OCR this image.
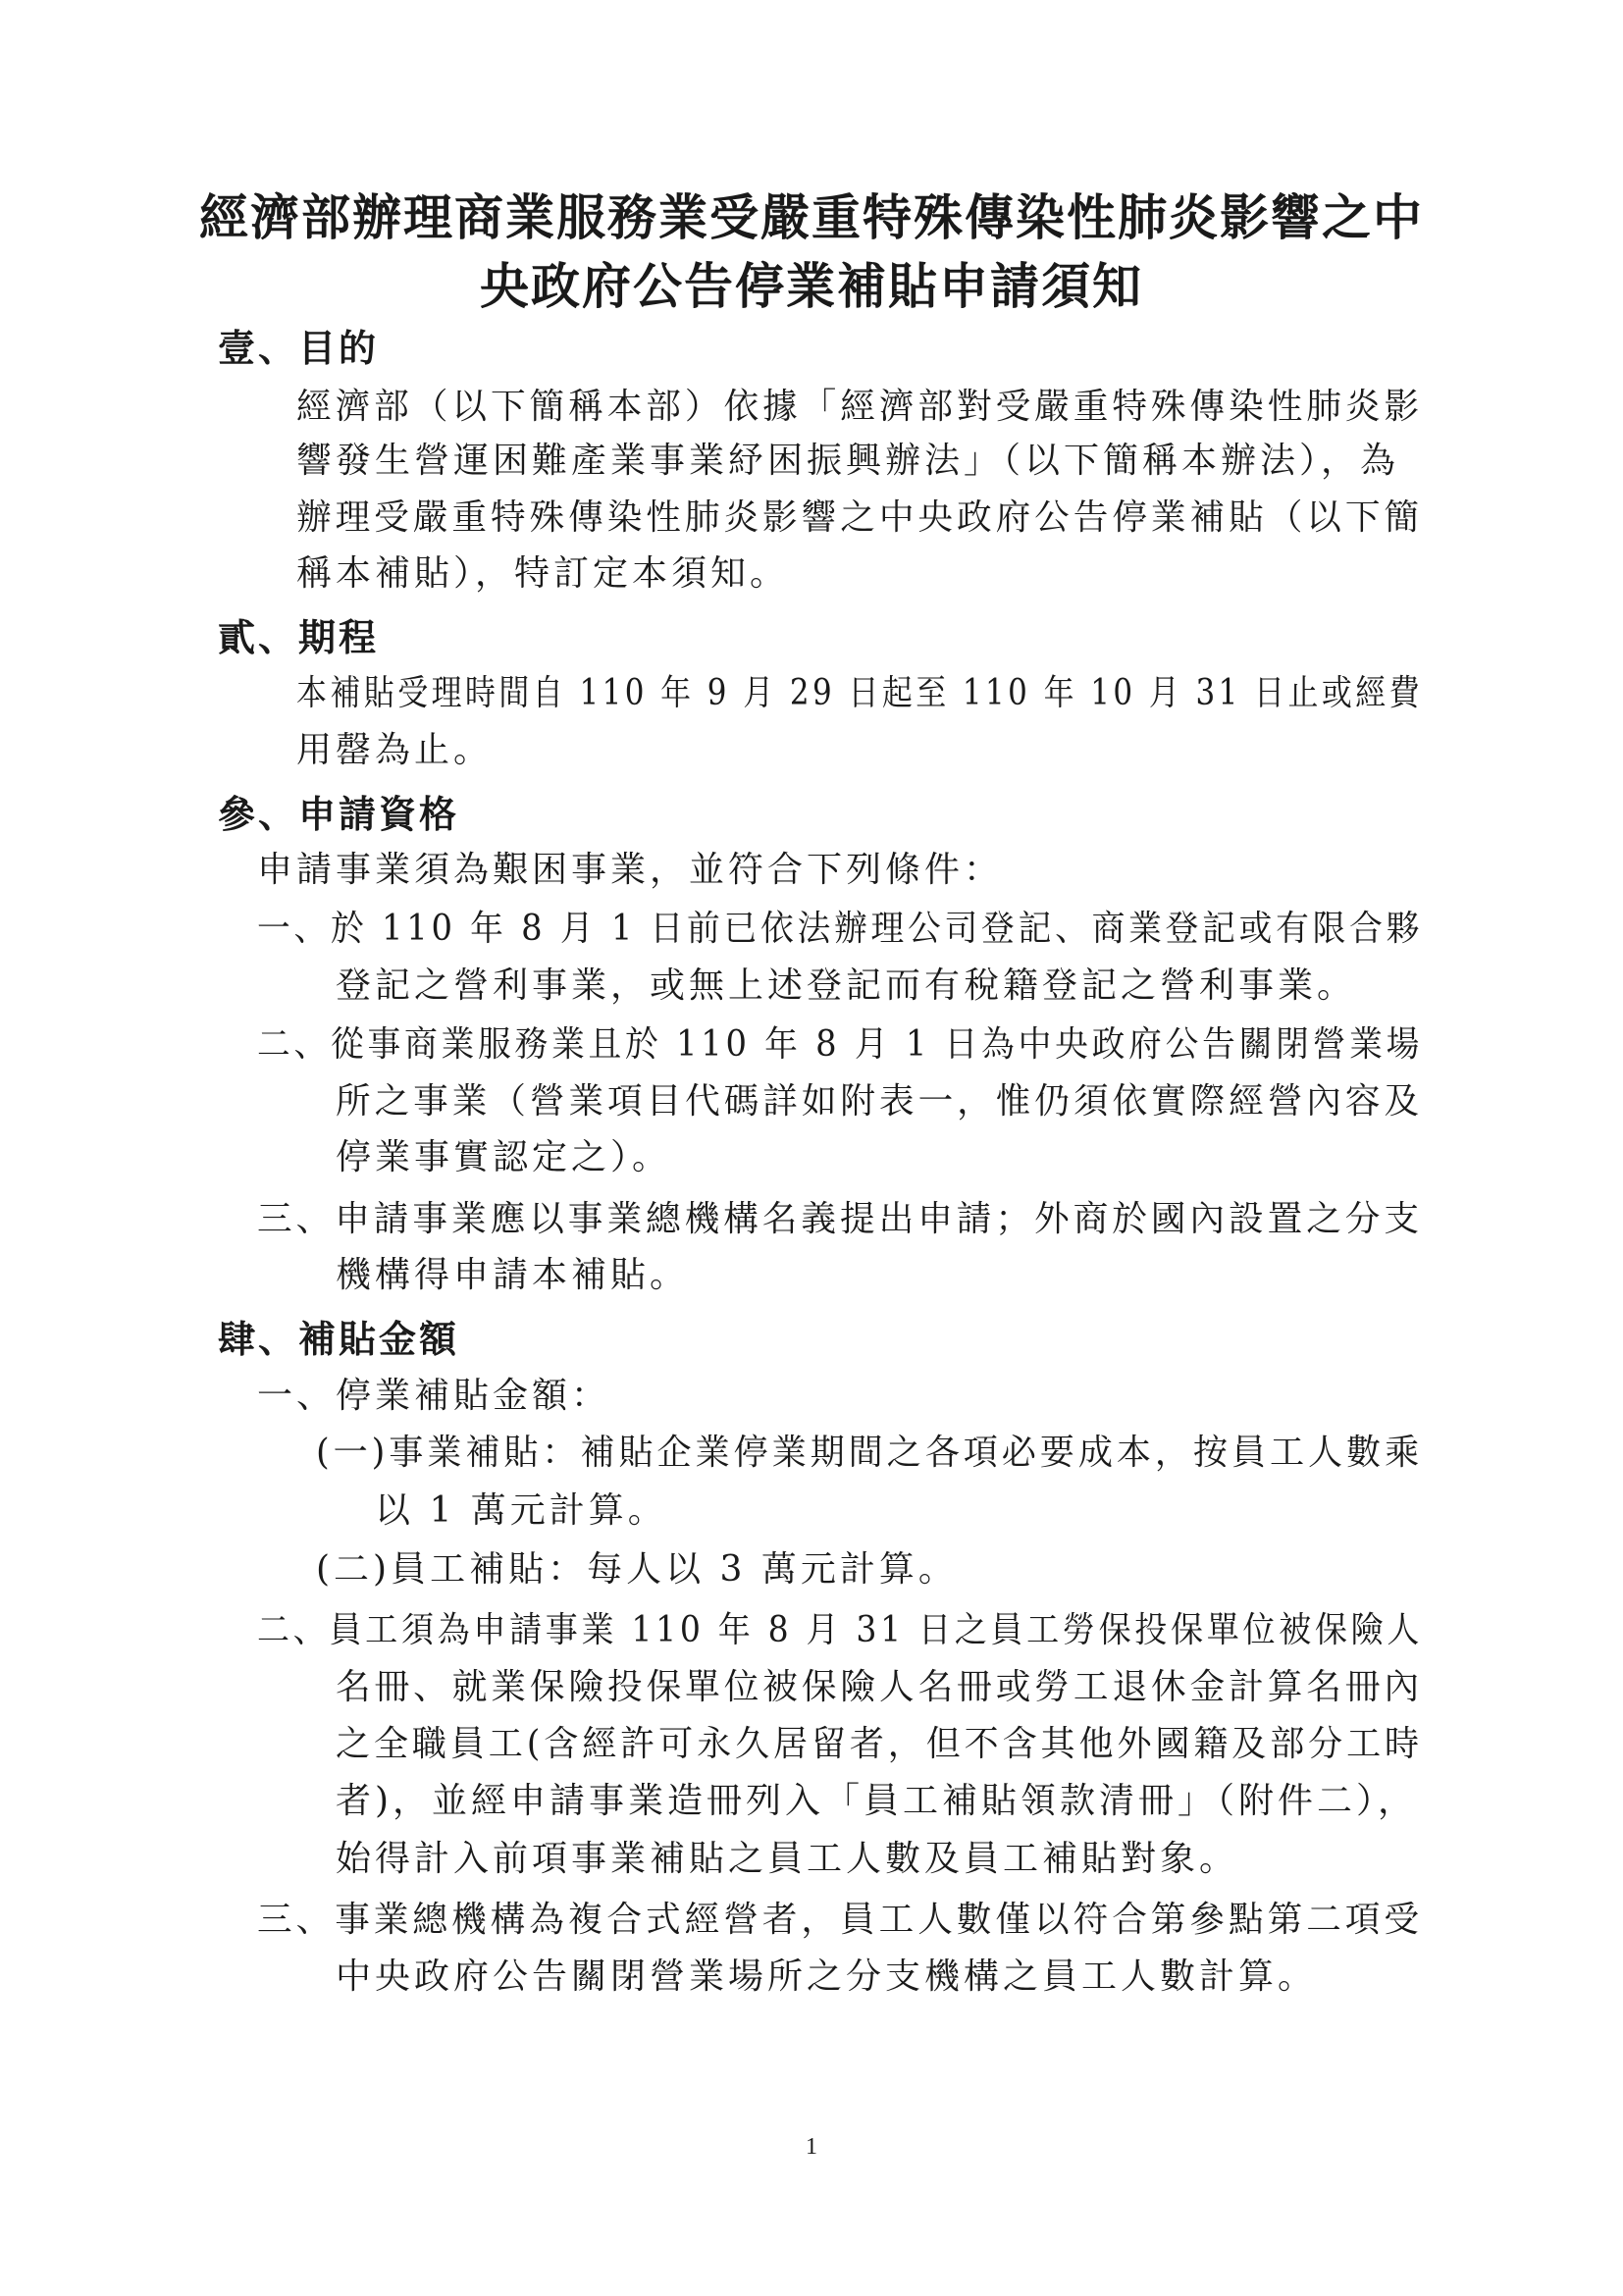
經濟部辦理商業服務業受嚴重特殊傳染性肺炎影響之中
央政府公告停業補貼申請須知
壹、目的
經濟部（以下簡稱本部）依據「經濟部對受嚴重特殊傳染性肺炎影
響發生營運困難產業事業紓困振興辦法」（以下簡稱本辦法），為
辦理受嚴重特殊傳染性肺炎影響之中央政府公告停業補貼（以下簡
稱本補貼），特訂定本須知。
貳、期程
本補貼受理時間自 110 年 9 月 29 日起至 110 年 10 月 31 日止或經費
用罄為止。
參、申請資格
申請事業須為艱困事業，並符合下列條件：
一、於 110 年 8 月 1 日前已依法辦理公司登記、商業登記或有限合夥
登記之營利事業，或無上述登記而有稅籍登記之營利事業。
二、從事商業服務業且於 110 年 8 月 1 日為中央政府公告關閉營業場
所之事業（營業項目代碼詳如附表一，惟仍須依實際經營內容及
停業事實認定之）。
三、申請事業應以事業總機構名義提出申請；外商於國內設置之分支
機構得申請本補貼。
肆、補貼金額
一、停業補貼金額：
(一)事業補貼：補貼企業停業期間之各項必要成本，按員工人數乘
以 1 萬元計算。
(二)員工補貼：每人以 3 萬元計算。
二、員工須為申請事業 110 年 8 月 31 日之員工勞保投保單位被保險人
名冊、就業保險投保單位被保險人名冊或勞工退休金計算名冊內
之全職員工(含經許可永久居留者，但不含其他外國籍及部分工時
者)，並經申請事業造冊列入「員工補貼領款清冊」（附件二），
始得計入前項事業補貼之員工人數及員工補貼對象。
三、事業總機構為複合式經營者，員工人數僅以符合第參點第二項受
中央政府公告關閉營業場所之分支機構之員工人數計算。
1
